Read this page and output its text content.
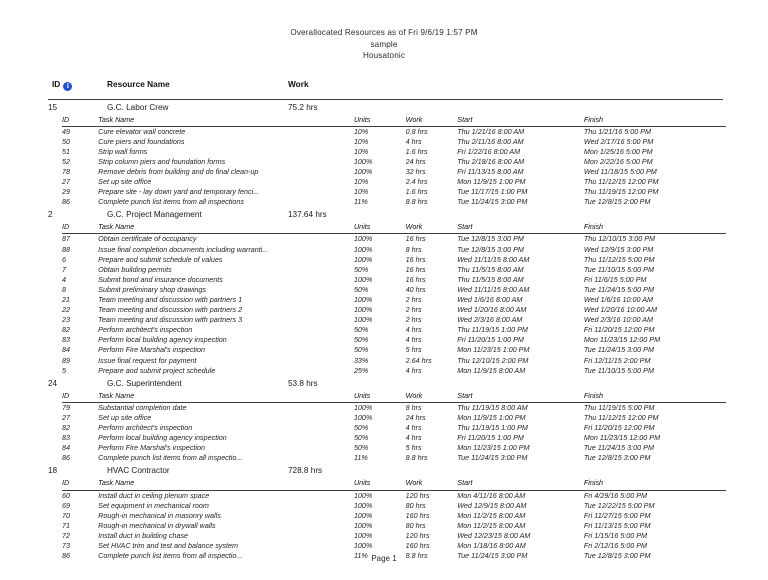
Overallocated Resources as of Fri 9/6/19 1:57 PM
sample
Housatonic
ID i	Resource Name	Work
15	G.C. Labor Crew	75.2 hrs
ID	Task Name	Units	Work	Start	Finish
49	Cure elevator wall concrete	10%	0.8 hrs	Thu 1/21/16 8:00 AM	Thu 1/21/16 5:00 PM
50	Cure piers and foundations	10%	4 hrs	Thu 2/11/16 8:00 AM	Wed 2/17/16 5:00 PM
51	Strip wall forms	10%	1.6 hrs	Fri 1/22/16 8:00 AM	Mon 1/25/16 5:00 PM
52	Strip column piers and foundation forms	100%	24 hrs	Thu 2/18/16 8:00 AM	Mon 2/22/16 5:00 PM
78	Remove debris from building and do final clean-up	100%	32 hrs	Fri 11/13/15 8:00 AM	Wed 11/18/15 5:00 PM
27	Set up site office	10%	2.4 hrs	Mon 11/9/15 1:00 PM	Thu 11/12/15 12:00 PM
29	Prepare site - lay down yard and temporary fenci...	10%	1.6 hrs	Tue 11/17/15 1:00 PM	Thu 11/19/15 12:00 PM
86	Complete punch list items from all inspections	11%	8.8 hrs	Tue 11/24/15 3:00 PM	Tue 12/8/15 2:00 PM
2	G.C. Project Management	137.64 hrs
ID	Task Name	Units	Work	Start	Finish
87	Obtain certificate of occupancy	100%	16 hrs	Tue 12/8/15 3:00 PM	Thu 12/10/15 3:00 PM
88	Issue final completion documents including warranti...	100%	8 hrs	Tue 12/8/15 3:00 PM	Wed 12/9/15 3:00 PM
6	Prepare and submit schedule of values	100%	16 hrs	Wed 11/11/15 8:00 AM	Thu 11/12/15 5:00 PM
7	Obtain building permits	50%	16 hrs	Thu 11/5/15 8:00 AM	Tue 11/10/15 5:00 PM
4	Submit bond and insurance documents	100%	16 hrs	Thu 11/5/15 8:00 AM	Fri 11/6/15 5:00 PM
8	Submit preliminary shop drawings	50%	40 hrs	Wed 11/11/15 8:00 AM	Tue 11/24/15 5:00 PM
21	Team meeting and discussion with partners 1	100%	2 hrs	Wed 1/6/16 8:00 AM	Wed 1/6/16 10:00 AM
22	Team meeting and discussion with partners 2	100%	2 hrs	Wed 1/20/16 8:00 AM	Wed 1/20/16 10:00 AM
23	Team meeting and discussion with partners 3	100%	2 hrs	Wed 2/3/16 8:00 AM	Wed 2/3/16 10:00 AM
82	Perform architect's inspection	50%	4 hrs	Thu 11/19/15 1:00 PM	Fri 11/20/15 12:00 PM
83	Perform local building agency inspection	50%	4 hrs	Fri 11/20/15 1:00 PM	Mon 11/23/15 12:00 PM
84	Perform Fire Marshal's inspection	50%	5 hrs	Mon 11/23/15 1:00 PM	Tue 11/24/15 3:00 PM
89	Issue final request for payment	33%	2.64 hrs	Thu 12/10/15 2:00 PM	Fri 12/11/15 2:00 PM
5	Prepare and submit project schedule	25%	4 hrs	Mon 11/9/15 8:00 AM	Tue 11/10/15 5:00 PM
24	G.C. Superintendent	53.8 hrs
ID	Task Name	Units	Work	Start	Finish
79	Substantial completion date	100%	8 hrs	Thu 11/19/15 8:00 AM	Thu 11/19/15 5:00 PM
27	Set up site office	100%	24 hrs	Mon 11/9/15 1:00 PM	Thu 11/12/15 12:00 PM
82	Perform architect's inspection	50%	4 hrs	Thu 11/19/15 1:00 PM	Fri 11/20/15 12:00 PM
83	Perform local building agency inspection	50%	4 hrs	Fri 11/20/15 1:00 PM	Mon 11/23/15 12:00 PM
84	Perform Fire Marshal's inspection	50%	5 hrs	Mon 11/23/15 1:00 PM	Tue 11/24/15 3:00 PM
86	Complete punch list items from all inspectio...	11%	8.8 hrs	Tue 11/24/15 3:00 PM	Tue 12/8/15 3:00 PM
18	HVAC Contractor	728.8 hrs
ID	Task Name	Units	Work	Start	Finish
60	Install duct in ceiling plenum space	100%	120 hrs	Mon 4/11/16 8:00 AM	Fri 4/29/16 5:00 PM
69	Set equipment in mechanical room	100%	80 hrs	Wed 12/9/15 8:00 AM	Tue 12/22/15 5:00 PM
70	Rough-in mechanical in masonry walls	100%	160 hrs	Mon 11/2/15 8:00 AM	Fri 11/27/15 5:00 PM
71	Rough-in mechanical in drywall walls	100%	80 hrs	Mon 11/2/15 8:00 AM	Fri 11/13/15 5:00 PM
72	Install duct in building chase	100%	120 hrs	Wed 12/23/15 8:00 AM	Fri 1/15/16 5:00 PM
73	Set HVAC trim and test and balance system	100%	160 hrs	Mon 1/18/16 8:00 AM	Fri 2/12/16 5:00 PM
86	Complete punch list items from all inspectio...	11%	8.8 hrs	Tue 11/24/15 3:00 PM	Tue 12/8/15 3:00 PM
Page 1
